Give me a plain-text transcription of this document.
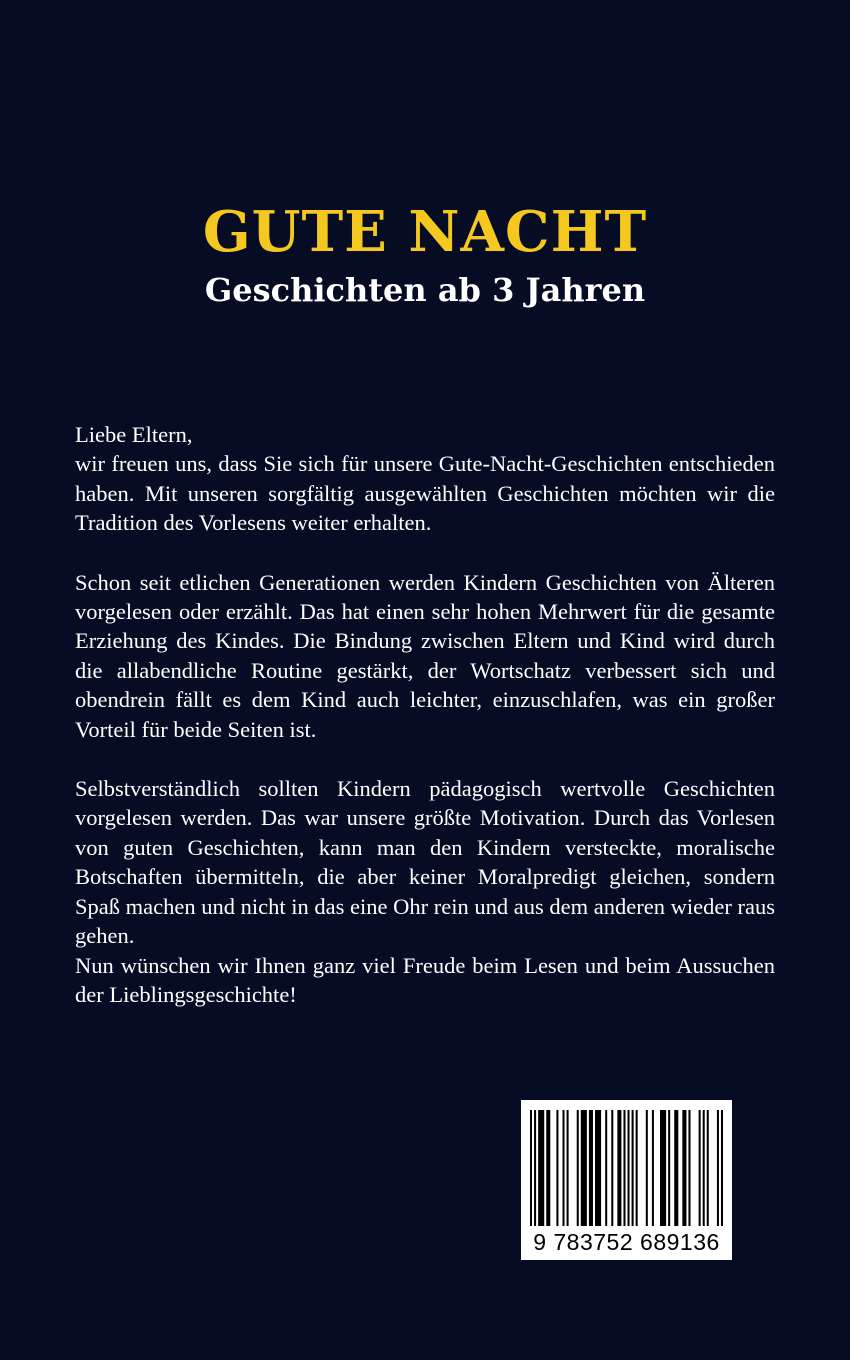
GUTE NACHT
Geschichten ab 3 Jahren

Liebe Eltern,
wir freuen uns, dass Sie sich für unsere Gute-Nacht-Geschichten entschieden haben. Mit unseren sorgfältig ausgewählten Geschichten möchten wir die Tradition des Vorlesens weiter erhalten.

Schon seit etlichen Generationen werden Kindern Geschichten von Älteren vorgelesen oder erzählt. Das hat einen sehr hohen Mehrwert für die gesamte Erziehung des Kindes. Die Bindung zwischen Eltern und Kind wird durch die allabendliche Routine gestärkt, der Wortschatz verbessert sich und obendrein fällt es dem Kind auch leichter, einzuschlafen, was ein großer Vorteil für beide Seiten ist.

Selbstverständlich sollten Kindern pädagogisch wertvolle Geschichten vorgelesen werden. Das war unsere größte Motivation. Durch das Vorlesen von guten Geschichten, kann man den Kindern versteckte, moralische Botschaften übermitteln, die aber keiner Moralpredigt gleichen, sondern Spaß machen und nicht in das eine Ohr rein und aus dem anderen wieder raus gehen.
Nun wünschen wir Ihnen ganz viel Freude beim Lesen und beim Aussuchen der Lieblingsgeschichte!

9 783752 689136
